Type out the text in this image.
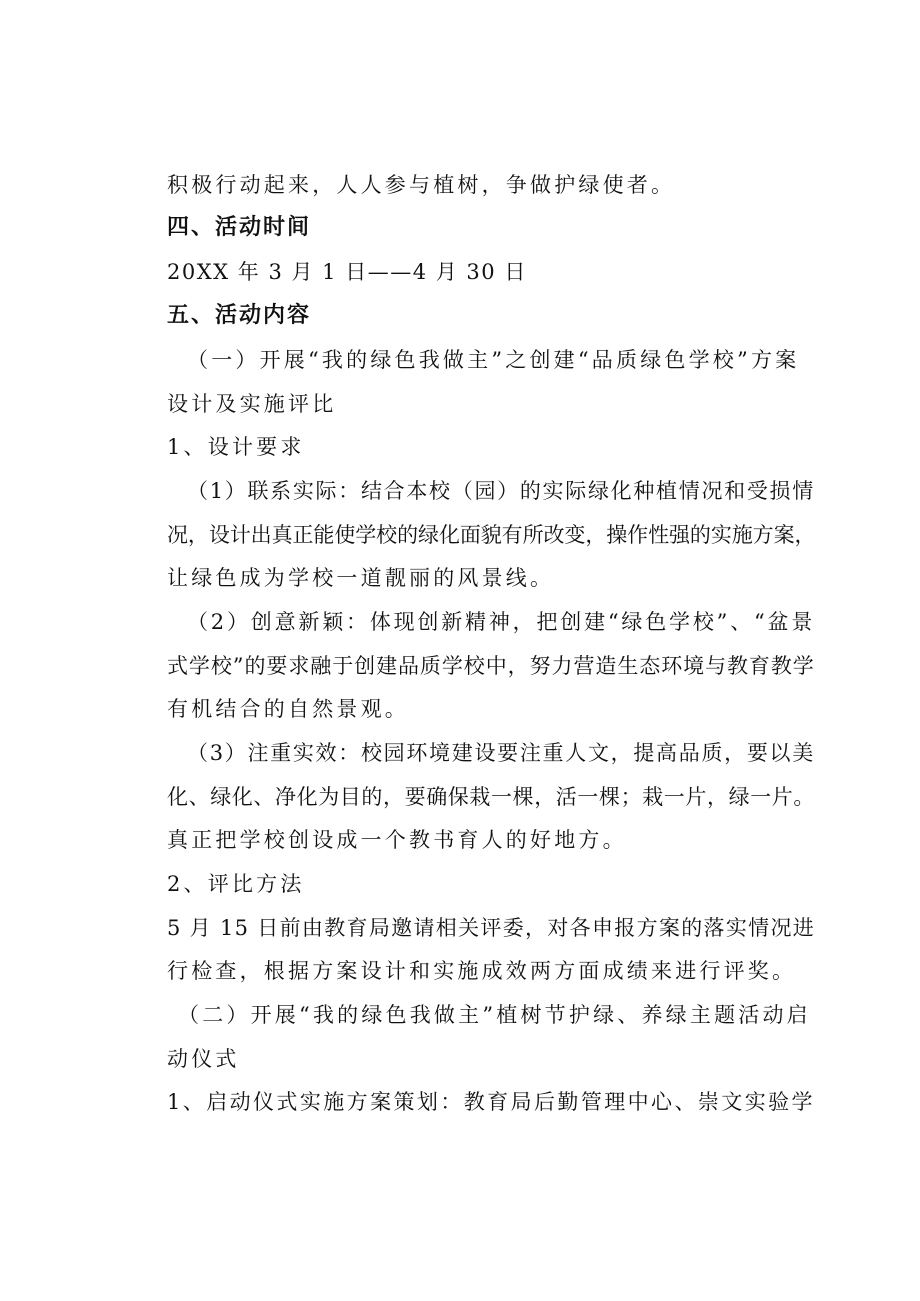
积极行动起来，人人参与植树，争做护绿使者。
四、活动时间
20XX 年 3 月 1 日——4 月 30 日
五、活动内容
（一）开展“我的绿色我做主”之创建“品质绿色学校”方案
设计及实施评比
1、设计要求
（1）联系实际：结合本校（园）的实际绿化种植情况和受损情
况，设计出真正能使学校的绿化面貌有所改变，操作性强的实施方案，
让绿色成为学校一道靓丽的风景线。
（2）创意新颖：体现创新精神，把创建“绿色学校”、“盆景
式学校”的要求融于创建品质学校中，努力营造生态环境与教育教学
有机结合的自然景观。
（3）注重实效：校园环境建设要注重人文，提高品质，要以美
化、绿化、净化为目的，要确保栽一棵，活一棵；栽一片，绿一片。
真正把学校创设成一个教书育人的好地方。
2、评比方法
5 月 15 日前由教育局邀请相关评委，对各申报方案的落实情况进
行检查，根据方案设计和实施成效两方面成绩来进行评奖。
（二）开展“我的绿色我做主”植树节护绿、养绿主题活动启
动仪式
1、启动仪式实施方案策划：教育局后勤管理中心、崇文实验学
